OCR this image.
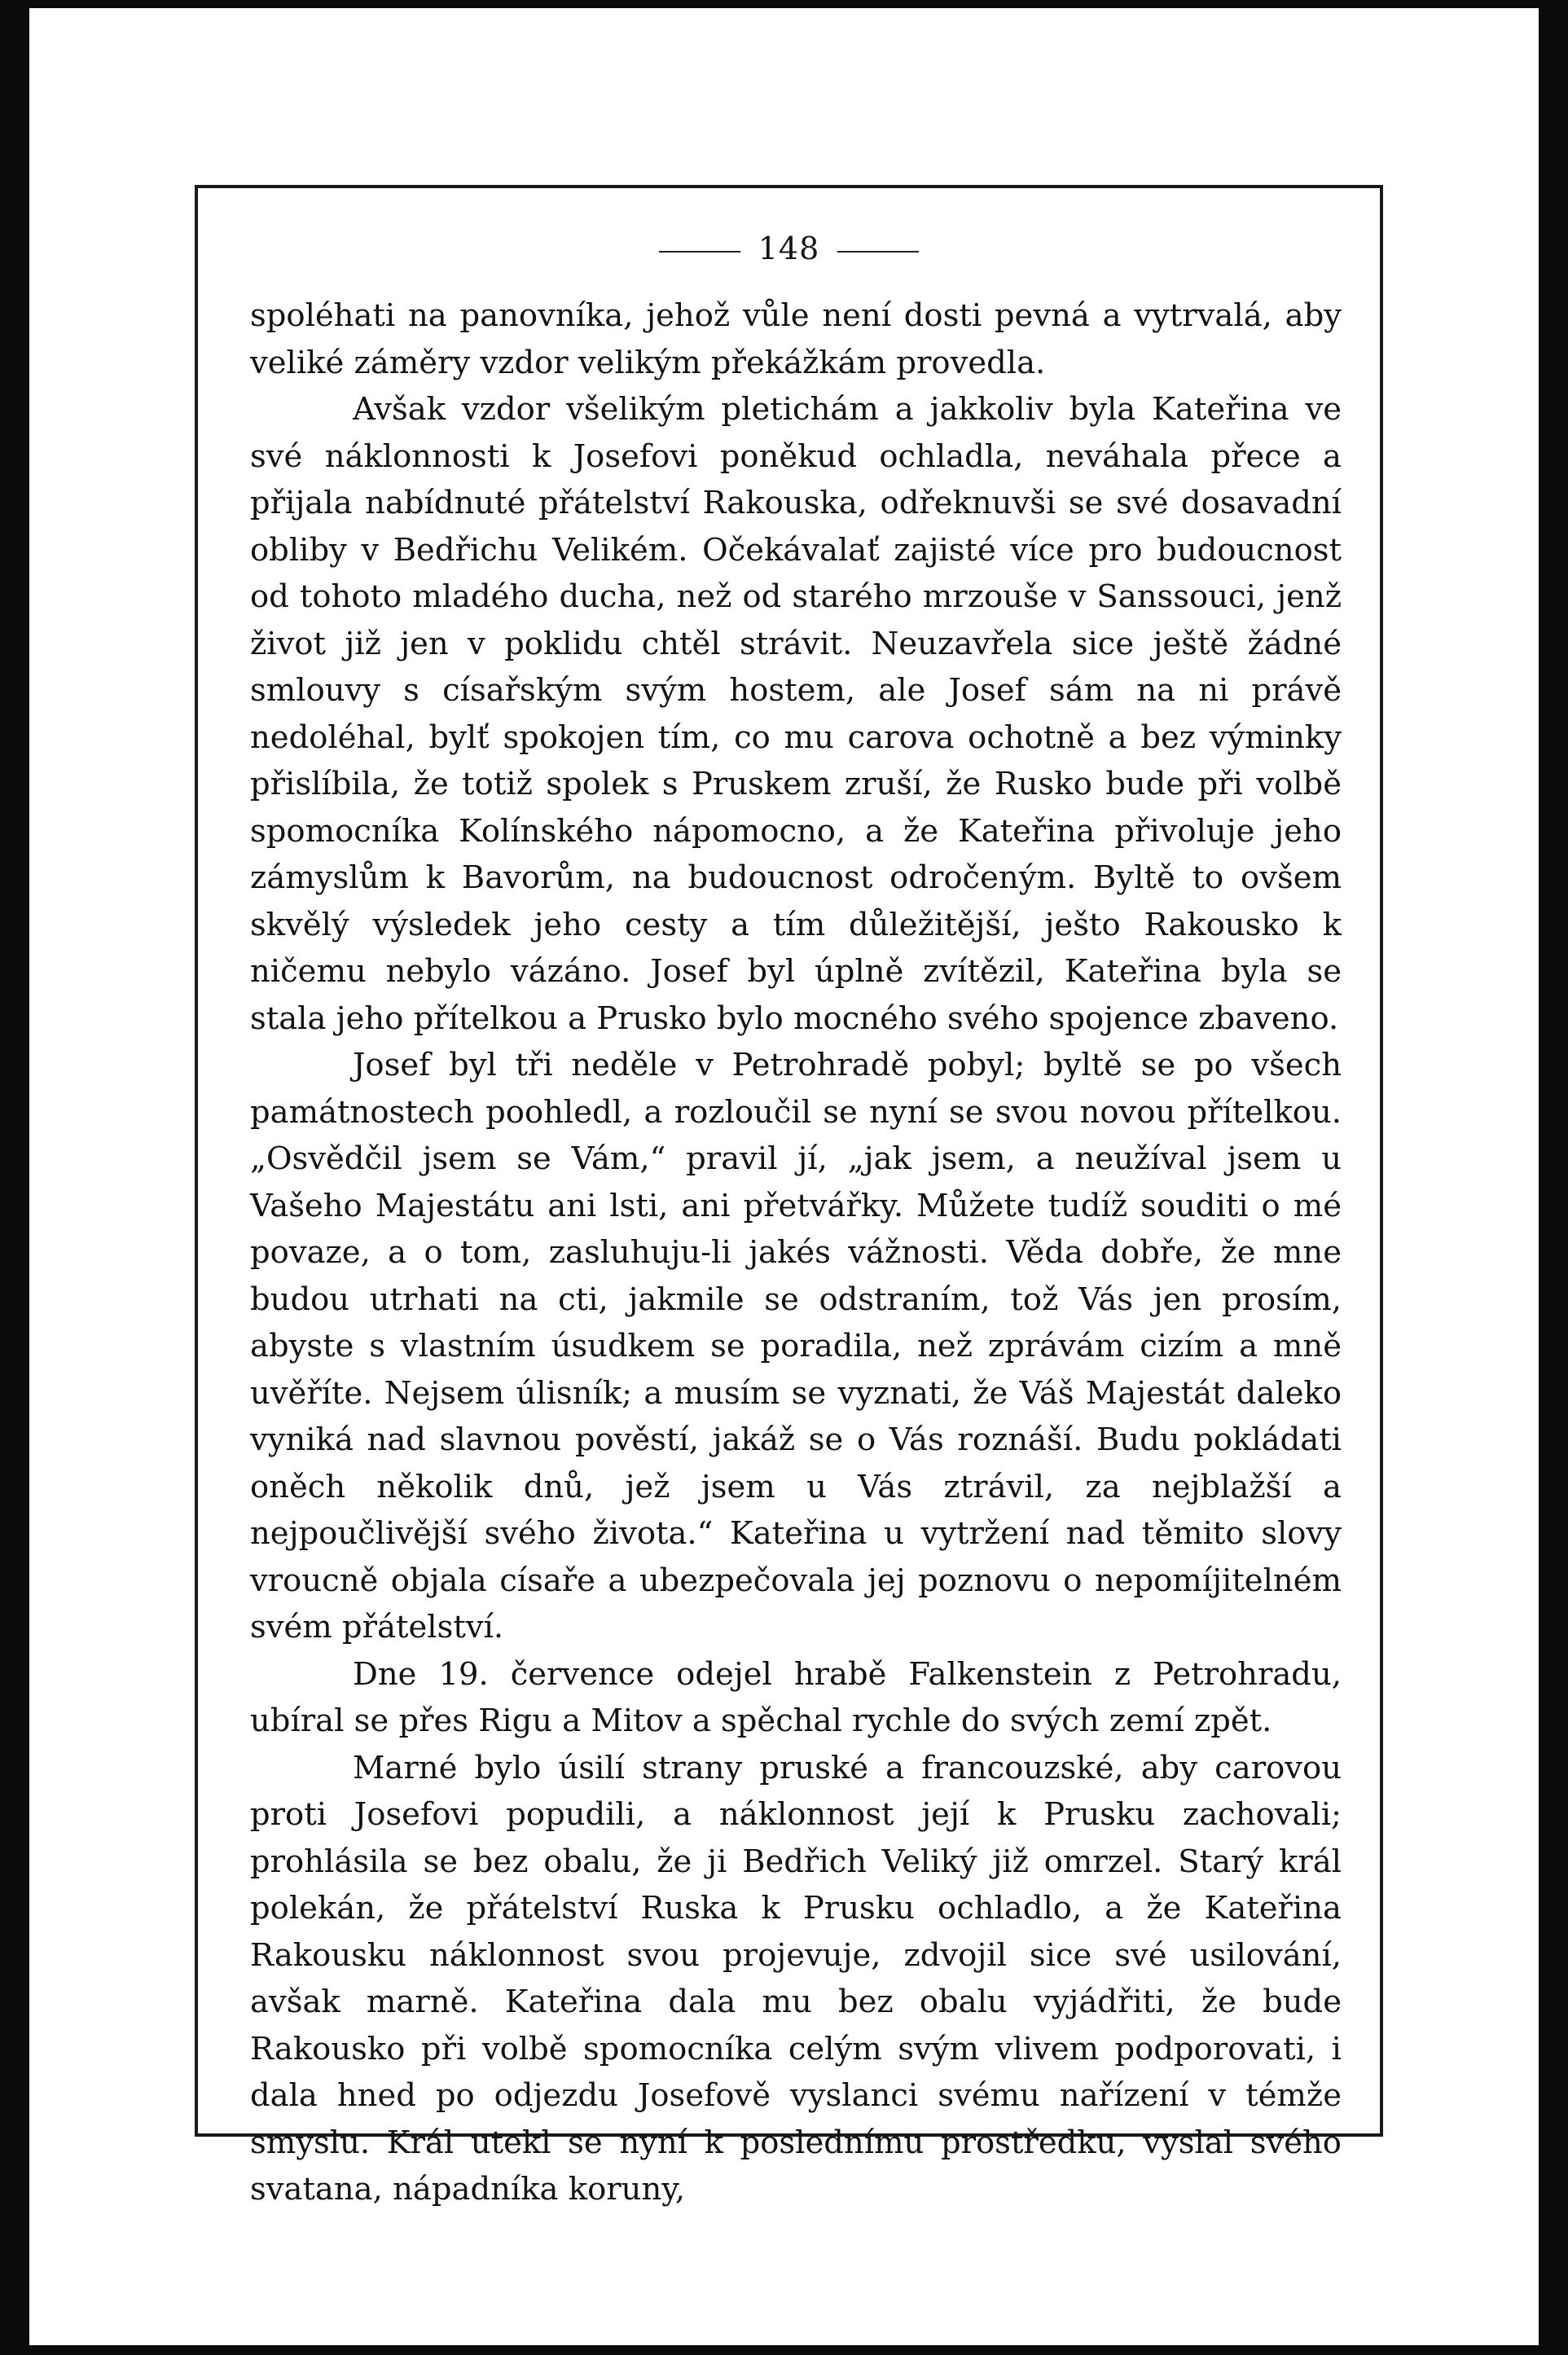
148

spoléhati na panovníka, jehož vůle není dosti pevná a vytrvalá, aby veliké záměry vzdor velikým překážkám provedla.

Avšak vzdor všelikým pletichám a jakkoliv byla Kateřina ve své náklonnosti k Josefovi poněkud ochladla, neváhala přece a přijala nabídnuté přátelství Rakouska, odřeknuvši se své dosavadní obliby v Bedřichu Velikém. Očekávalať zajisté více pro budoucnost od tohoto mladého ducha, než od starého mrzouše v Sanssouci, jenž život již jen v poklidu chtěl strávit. Neuzavřela sice ještě žádné smlouvy s císařským svým hostem, ale Josef sám na ni právě nedoléhal, bylť spokojen tím, co mu carova ochotně a bez výminky přislíbila, že totiž spolek s Pruskem zruší, že Rusko bude při volbě spomocníka Kolínského nápomocno, a že Kateřina přivoluje jeho zámyslům k Bavorům, na budoucnost odročeným. Byltě to ovšem skvělý výsledek jeho cesty a tím důležitější, ješto Rakousko k ničemu nebylo vázáno. Josef byl úplně zvítězil, Kateřina byla se stala jeho přítelkou a Prusko bylo mocného svého spojence zbaveno.

Josef byl tři neděle v Petrohradě pobyl; byltě se po všech památnostech poohledl, a rozloučil se nyní se svou novou přítelkou. „Osvědčil jsem se Vám,“ pravil jí, „jak jsem, a neužíval jsem u Vašeho Majestátu ani lsti, ani přetvářky. Můžete tudíž souditi o mé povaze, a o tom, zasluhuju-li jakés vážnosti. Věda dobře, že mne budou utrhati na cti, jakmile se odstraním, tož Vás jen prosím, abyste s vlastním úsudkem se poradila, než zprávám cizím a mně uvěříte. Nejsem úlisník; a musím se vyznati, že Váš Majestát daleko vyniká nad slavnou pověstí, jakáž se o Vás roznáší. Budu pokládati oněch několik dnů, jež jsem u Vás ztrávil, za nejblažší a nejpoučlivější svého života.“ Kateřina u vytržení nad těmito slovy vroucně objala císaře a ubezpečovala jej poznovu o nepomíjitelném svém přátelství.

Dne 19. července odejel hrabě Falkenstein z Petrohradu, ubíral se přes Rigu a Mitov a spěchal rychle do svých zemí zpět.

Marné bylo úsilí strany pruské a francouzské, aby carovou proti Josefovi popudili, a náklonnost její k Prusku zachovali; prohlásila se bez obalu, že ji Bedřich Veliký již omrzel. Starý král polekán, že přátelství Ruska k Prusku ochladlo, a že Kateřina Rakousku náklonnost svou projevuje, zdvojil sice své usilování, avšak marně. Kateřina dala mu bez obalu vyjádřiti, že bude Rakousko při volbě spomocníka celým svým vlivem podporovati, i dala hned po odjezdu Josefově vyslanci svému nařízení v témže smyslu. Král utekl se nyní k poslednímu prostředku, vyslal svého svatana, nápadníka koruny,
